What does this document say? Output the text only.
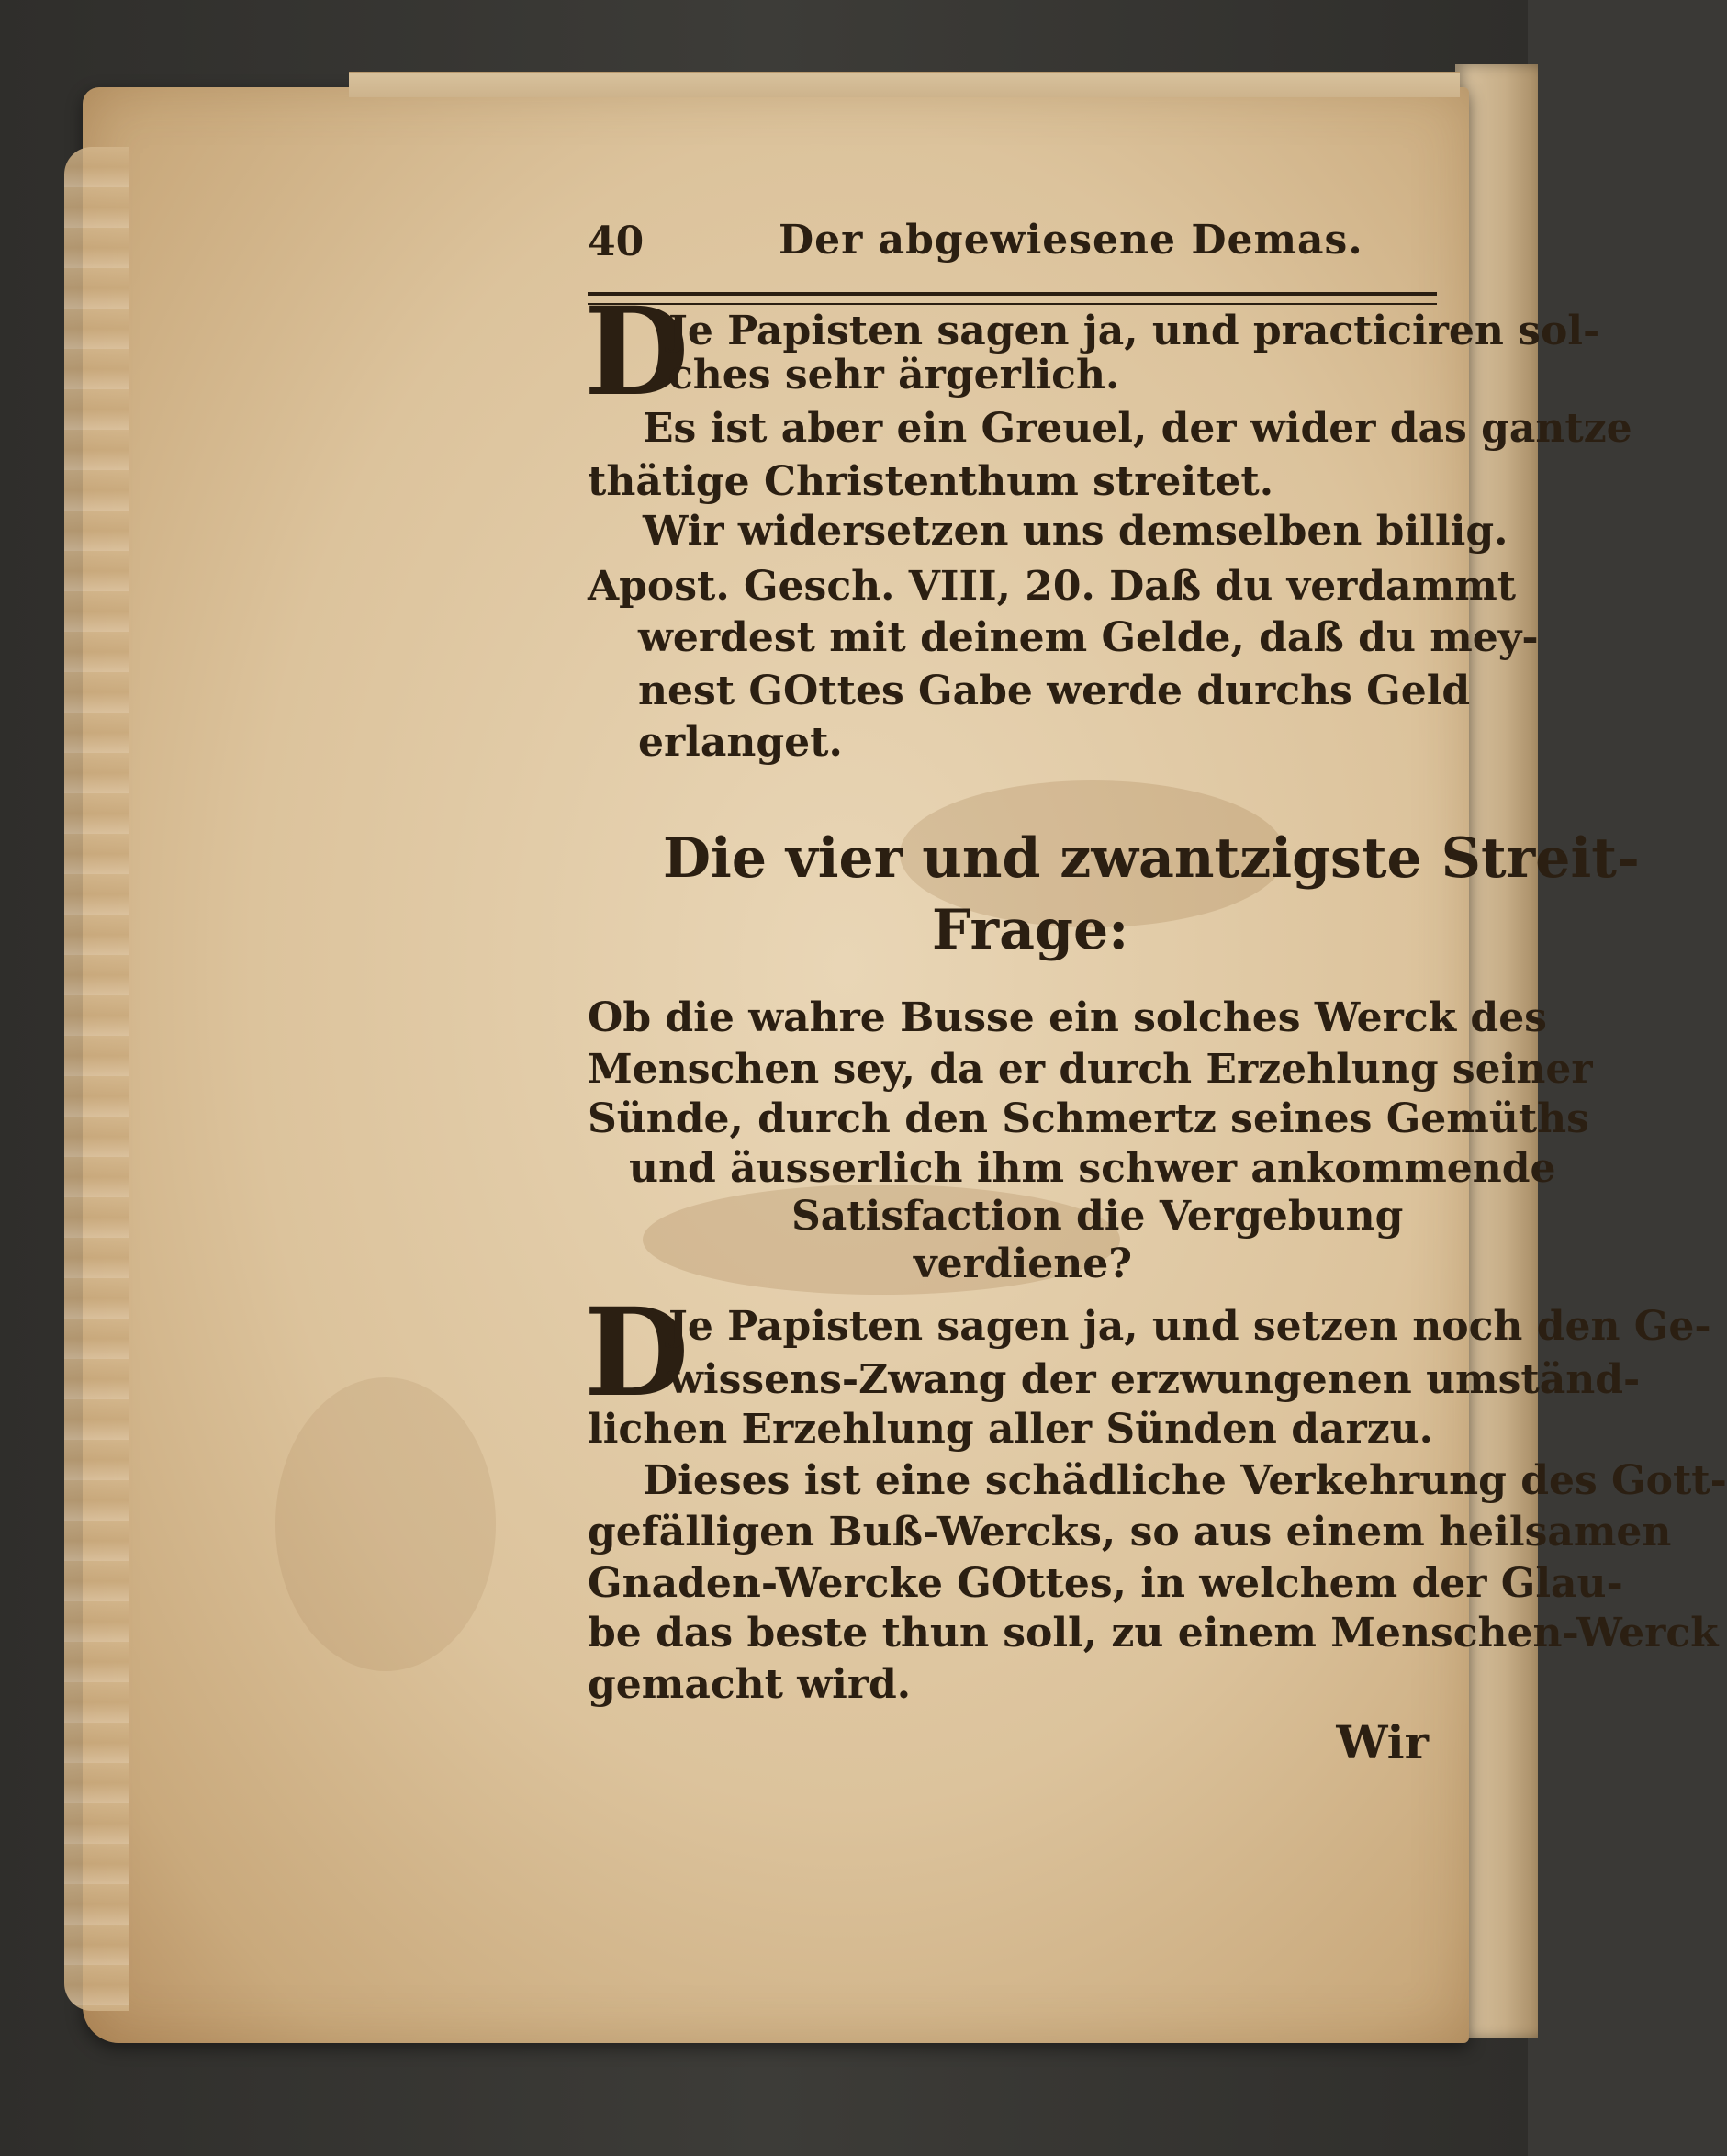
40	Der abgewiesene Demas.
D
Je Papisten sagen ja, und practiciren sol-
ches sehr ärgerlich.
Es ist aber ein Greuel, der wider das gantze
thätige Christenthum streitet.
Wir widersetzen uns demselben billig.
Apost. Gesch. VIII, 20. Daß du verdammt
werdest mit deinem Gelde, daß du mey-
nest GOttes Gabe werde durchs Geld
erlanget.
Die vier und zwantzigste Streit-
Frage:
Ob die wahre Busse ein solches Werck des
Menschen sey, da er durch Erzehlung seiner
Sünde, durch den Schmertz seines Gemüths
und äusserlich ihm schwer ankommende
Satisfaction die Vergebung
verdiene?
D
Je Papisten sagen ja, und setzen noch den Ge-
wissens-Zwang der erzwungenen umständ-
lichen Erzehlung aller Sünden darzu.
Dieses ist eine schädliche Verkehrung des Gott-
gefälligen Buß-Wercks, so aus einem heilsamen
Gnaden-Wercke GOttes, in welchem der Glau-
be das beste thun soll, zu einem Menschen-Werck
gemacht wird.
Wir
